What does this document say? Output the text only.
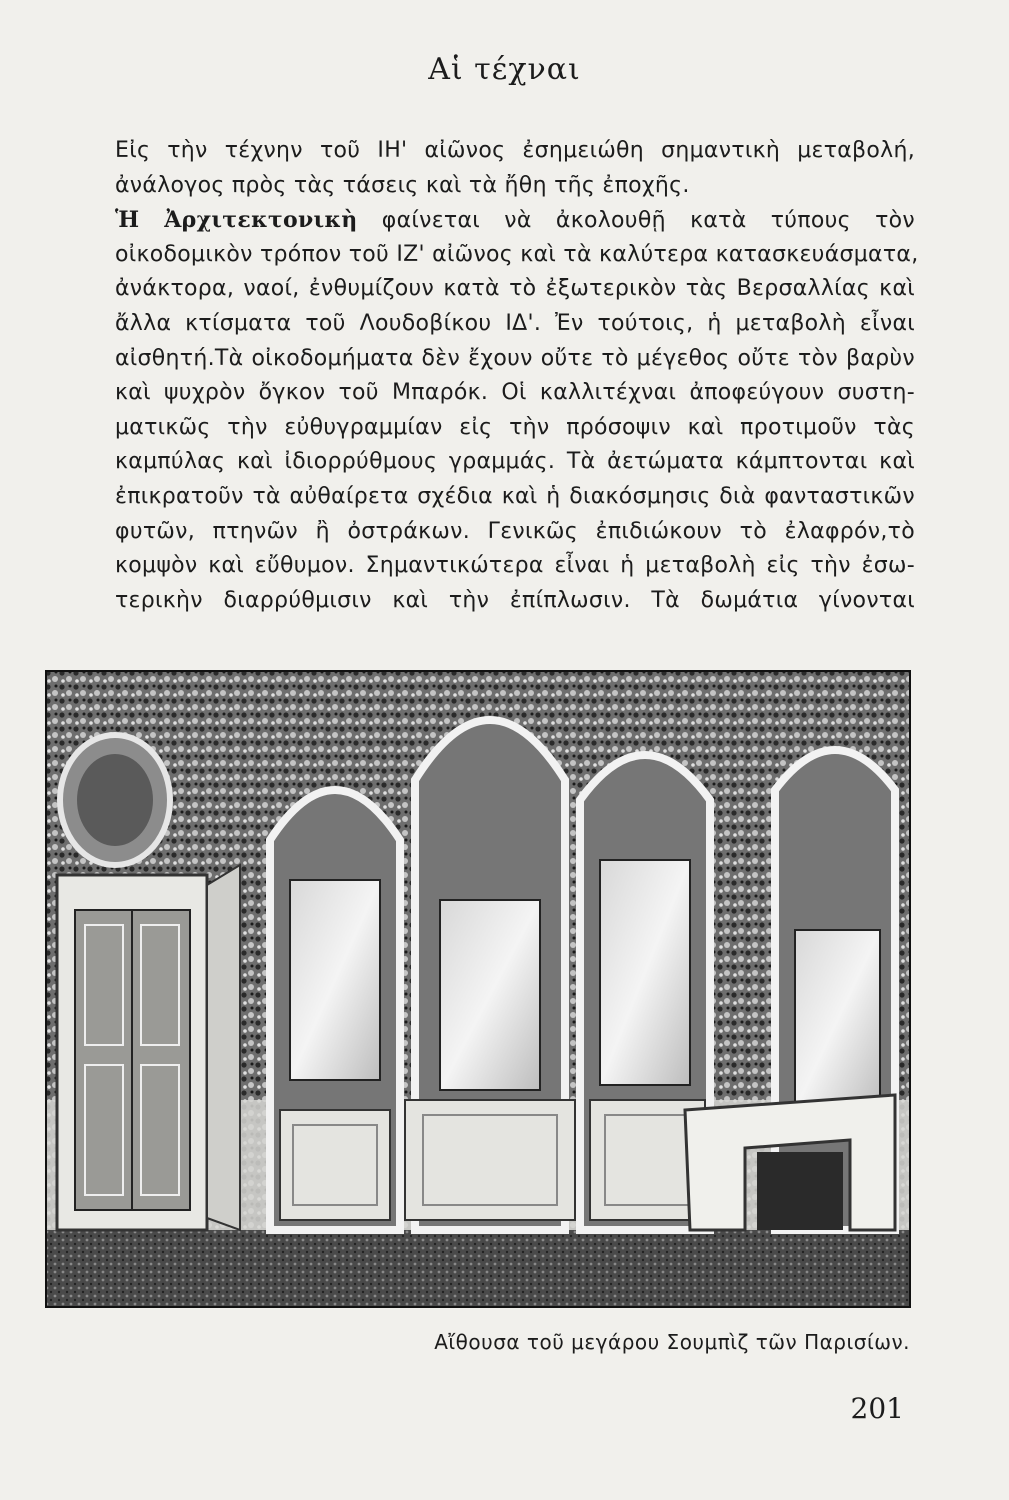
Αἱ τέχναι
Εἰς τὴν τέχνην τοῦ ΙΗ' αἰῶνος ἐσημειώθη σημαντικὴ μεταβολή,
ἀνάλογος πρὸς τὰς τάσεις καὶ τὰ ἤθη τῆς ἐποχῆς.
Ἡ Ἀρχιτεκτονικὴ φαίνεται νὰ ἀκολουθῇ κατὰ τύπους τὸν
οἰκοδομικὸν τρόπον τοῦ ΙΖ' αἰῶνος καὶ τὰ καλύτερα κατασκευάσματα,
ἀνάκτορα, ναοί, ἐνθυμίζουν κατὰ τὸ ἐξωτερικὸν τὰς Βερσαλλίας καὶ
ἄλλα κτίσματα τοῦ Λουδοβίκου ΙΔ'. Ἐν τούτοις, ἡ μεταβολὴ εἶναι
αἰσθητή.Τὰ οἰκοδομήματα δὲν ἔχουν οὔτε τὸ μέγεθος οὔτε τὸν βαρὺν
καὶ ψυχρὸν ὄγκον τοῦ Μπαρόκ. Οἱ καλλιτέχναι ἀποφεύγουν συστη-
ματικῶς τὴν εὐθυγραμμίαν εἰς τὴν πρόσοψιν καὶ προτιμοῦν τὰς
καμπύλας καὶ ἰδιορρύθμους γραμμάς. Τὰ ἀετώματα κάμπτονται καὶ
ἐπικρατοῦν τὰ αὐθαίρετα σχέδια καὶ ἡ διακόσμησις διὰ φανταστικῶν
φυτῶν, πτηνῶν ἢ ὀστράκων. Γενικῶς ἐπιδιώκουν τὸ ἐλαφρόν,τὸ
κομψὸν καὶ εὔθυμον. Σημαντικώτερα εἶναι ἡ μεταβολὴ εἰς τὴν ἐσω-
τερικὴν διαρρύθμισιν καὶ τὴν ἐπίπλωσιν. Τὰ δωμάτια γίνονται
Αἴθουσα τοῦ μεγάρου Σουμπὶζ τῶν Παρισίων.
201
